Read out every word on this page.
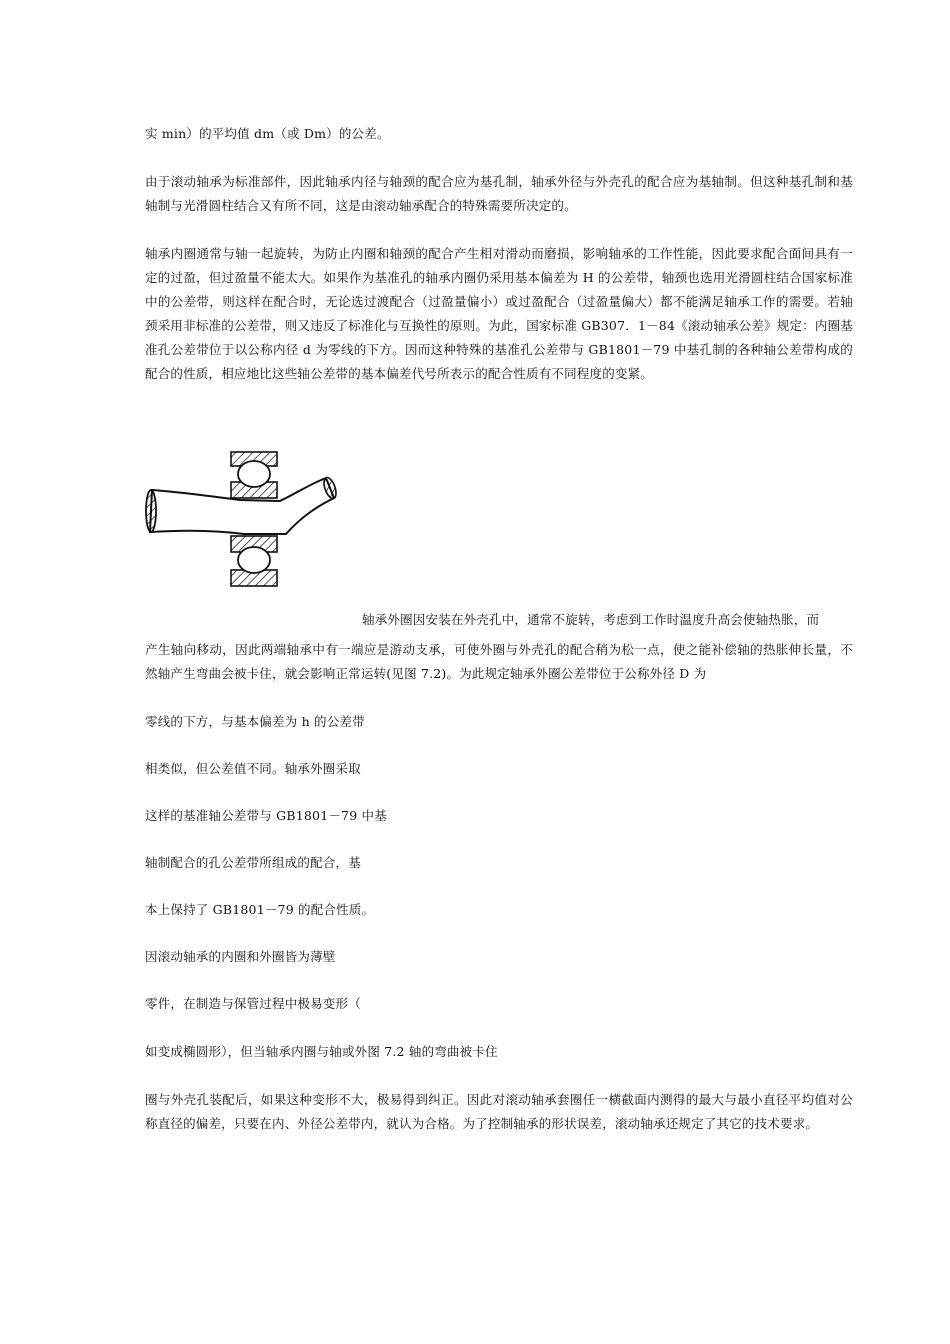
实 min）的平均值 dm（或 Dm）的公差。

由于滚动轴承为标准部件，因此轴承内径与轴颈的配合应为基孔制，轴承外径与外壳孔的配合应为基轴制。但这种基孔制和基轴制与光滑圆柱结合又有所不同，这是由滚动轴承配合的特殊需要所决定的。

轴承内圈通常与轴一起旋转，为防止内圈和轴颈的配合产生相对滑动而磨损，影响轴承的工作性能，因此要求配合面间具有一定的过盈，但过盈量不能太大。如果作为基准孔的轴承内圈仍采用基本偏差为 H 的公差带，轴颈也选用光滑圆柱结合国家标准中的公差带，则这样在配合时，无论选过渡配合（过盈量偏小）或过盈配合（过盈量偏大）都不能满足轴承工作的需要。若轴颈采用非标准的公差带，则又违反了标准化与互换性的原则。为此，国家标准 GB307．1－84《滚动轴承公差》规定：内圈基准孔公差带位于以公称内径 d 为零线的下方。因而这种特殊的基准孔公差带与 GB1801－79 中基孔制的各种轴公差带构成的配合的性质，相应地比这些轴公差带的基本偏差代号所表示的配合性质有不同程度的变紧。

轴承外圈因安装在外壳孔中，通常不旋转，考虑到工作时温度升高会使轴热胀，而

产生轴向移动，因此两端轴承中有一端应是游动支承，可使外圈与外壳孔的配合稍为松一点，使之能补偿轴的热胀伸长量，不然轴产生弯曲会被卡住，就会影响正常运转(见图 7.2)。为此规定轴承外圈公差带位于公称外径 D 为

零线的下方，与基本偏差为 h 的公差带

相类似，但公差值不同。轴承外圈采取

这样的基准轴公差带与 GB1801－79 中基

轴制配合的孔公差带所组成的配合，基

本上保持了 GB1801－79 的配合性质。

因滚动轴承的内圈和外圈皆为薄壁

零件，在制造与保管过程中极易变形（

如变成椭圆形），但当轴承内圈与轴或外图 7.2 轴的弯曲被卡住

圈与外壳孔装配后，如果这种变形不大，极易得到纠正。因此对滚动轴承套圈任一横截面内测得的最大与最小直径平均值对公称直径的偏差，只要在内、外径公差带内，就认为合格。为了控制轴承的形状误差，滚动轴承还规定了其它的技术要求。
